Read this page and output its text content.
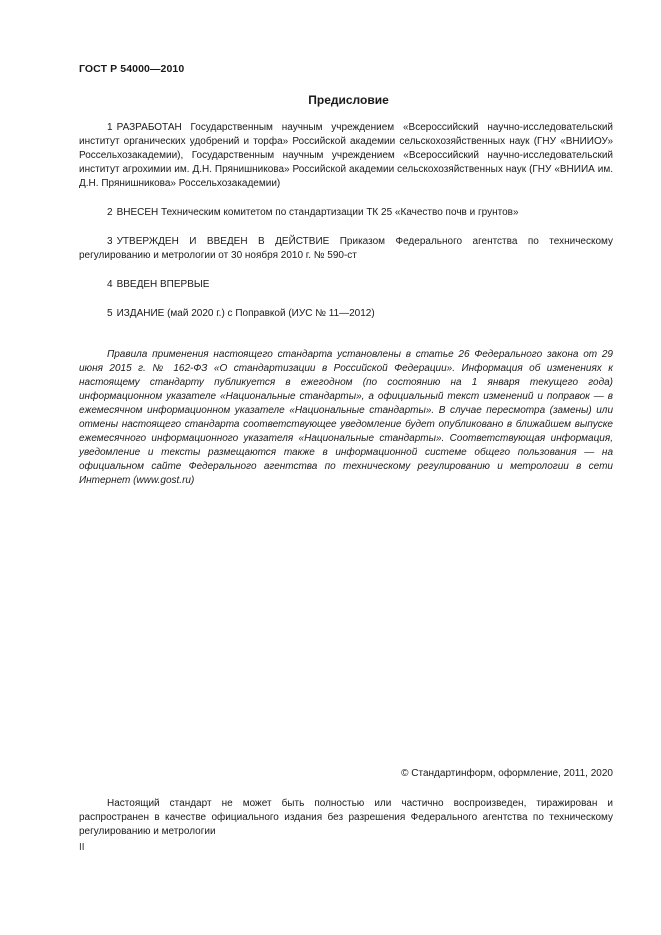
ГОСТ Р 54000—2010
Предисловие

1 РАЗРАБОТАН Государственным научным учреждением «Всероссийский научно-исследовательский институт органических удобрений и торфа» Российской академии сельскохозяйственных наук (ГНУ «ВНИИОУ» Россельхозакадемии), Государственным научным учреждением «Всероссийский научно-исследовательский институт агрохимии им. Д.Н. Прянишникова» Российской академии сельскохозяйственных наук (ГНУ «ВНИИА им. Д.Н. Прянишникова» Россельхозакадемии)

2 ВНЕСЕН Техническим комитетом по стандартизации ТК 25 «Качество почв и грунтов»

3 УТВЕРЖДЕН И ВВЕДЕН В ДЕЙСТВИЕ Приказом Федерального агентства по техническому регулированию и метрологии от 30 ноября 2010 г. № 590-ст

4 ВВЕДЕН ВПЕРВЫЕ

5 ИЗДАНИЕ (май 2020 г.) с Поправкой (ИУС № 11—2012)

Правила применения настоящего стандарта установлены в статье 26 Федерального закона от 29 июня 2015 г. № 162-ФЗ «О стандартизации в Российской Федерации». Информация об изменениях к настоящему стандарту публикуется в ежегодном (по состоянию на 1 января текущего года) информационном указателе «Национальные стандарты», а официальный текст изменений и поправок — в ежемесячном информационном указателе «Национальные стандарты». В случае пересмотра (замены) или отмены настоящего стандарта соответствующее уведомление будет опубликовано в ближайшем выпуске ежемесячного информационного указателя «Национальные стандарты». Соответствующая информация, уведомление и тексты размещаются также в информационной системе общего пользования — на официальном сайте Федерального агентства по техническому регулированию и метрологии в сети Интернет (www.gost.ru)

© Стандартинформ, оформление, 2011, 2020

Настоящий стандарт не может быть полностью или частично воспроизведен, тиражирован и распространен в качестве официального издания без разрешения Федерального агентства по техническому регулированию и метрологии

II
